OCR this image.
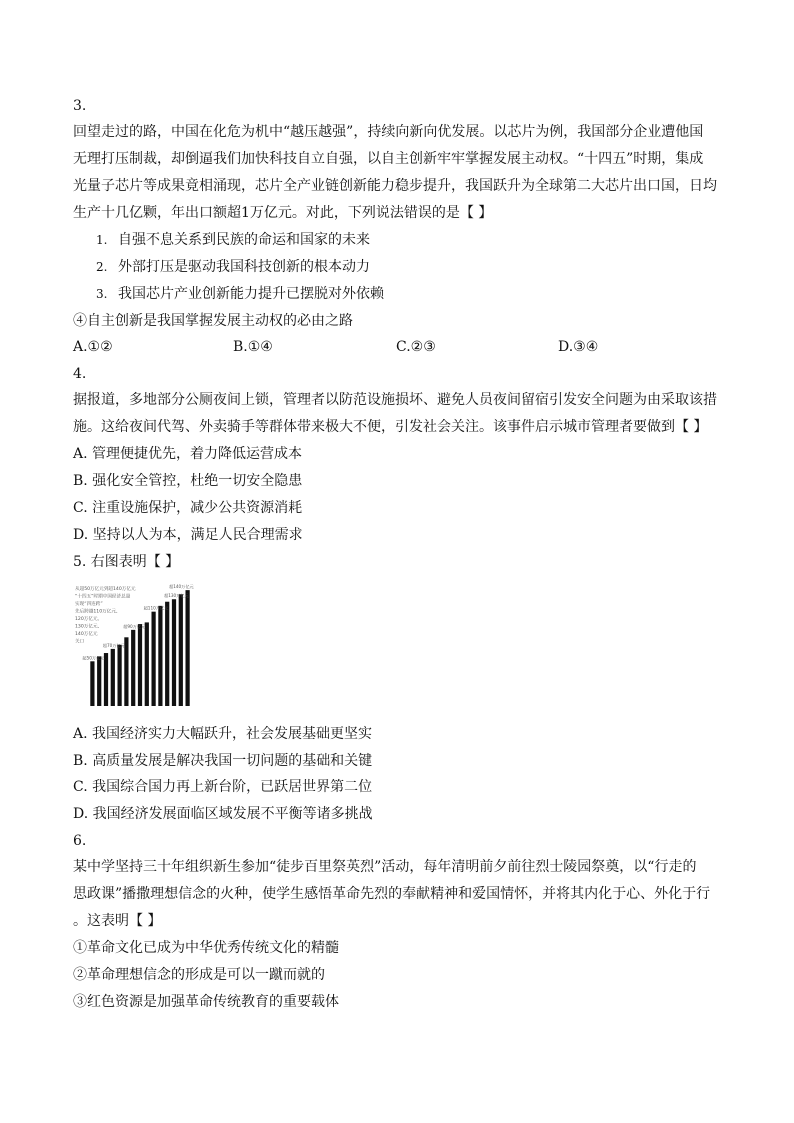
3.
回望走过的路，中国在化危为机中“越压越强”，持续向新向优发展。以芯片为例，我国部分企业遭他国
无理打压制裁，却倒逼我们加快科技自立自强，以自主创新牢牢掌握发展主动权。“十四五”时期，集成
光量子芯片等成果竟相涌现，芯片全产业链创新能力稳步提升，我国跃升为全球第二大芯片出口国，日均
生产十几亿颗，年出口额超1万亿元。对此，下列说法错误的是【 】
1. 自强不息关系到民族的命运和国家的未来
2. 外部打压是驱动我国科技创新的根本动力
3. 我国芯片产业创新能力提升已摆脱对外依赖
④自主创新是我国掌握发展主动权的必由之路
A.①②	B.①④	C.②③	D.③④
4.
据报道，多地部分公厕夜间上锁，管理者以防范设施损坏、避免人员夜间留宿引发安全问题为由采取该措
施。这给夜间代驾、外卖骑手等群体带来极大不便，引发社会关注。该事件启示城市管理者要做到【 】
A. 管理便捷优先，着力降低运营成本
B. 强化安全管控，杜绝一切安全隐患
C. 注重设施保护，减少公共资源消耗
D. 坚持以人为本，满足人民合理需求
5. 右图表明【 】
从超50万亿元到超140万亿元
“十四五”时期中国经济总量
实现“四连跨”
先后跨越110万亿元、
120万亿元、
130万亿元、
140万亿元
关口
超50万亿元
超70万亿元
超90万亿元
超110万亿元
超130万亿元
超140万亿元
A. 我国经济实力大幅跃升，社会发展基础更坚实
B. 高质量发展是解决我国一切问题的基础和关键
C. 我国综合国力再上新台阶，已跃居世界第二位
D. 我国经济发展面临区域发展不平衡等诸多挑战
6.
某中学坚持三十年组织新生参加“徒步百里祭英烈”活动，每年清明前夕前往烈士陵园祭奠，以“行走的
思政课”播撒理想信念的火种，使学生感悟革命先烈的奉献精神和爱国情怀，并将其内化于心、外化于行
。这表明【 】
①革命文化已成为中华优秀传统文化的精髓
②革命理想信念的形成是可以一蹴而就的
③红色资源是加强革命传统教育的重要载体
